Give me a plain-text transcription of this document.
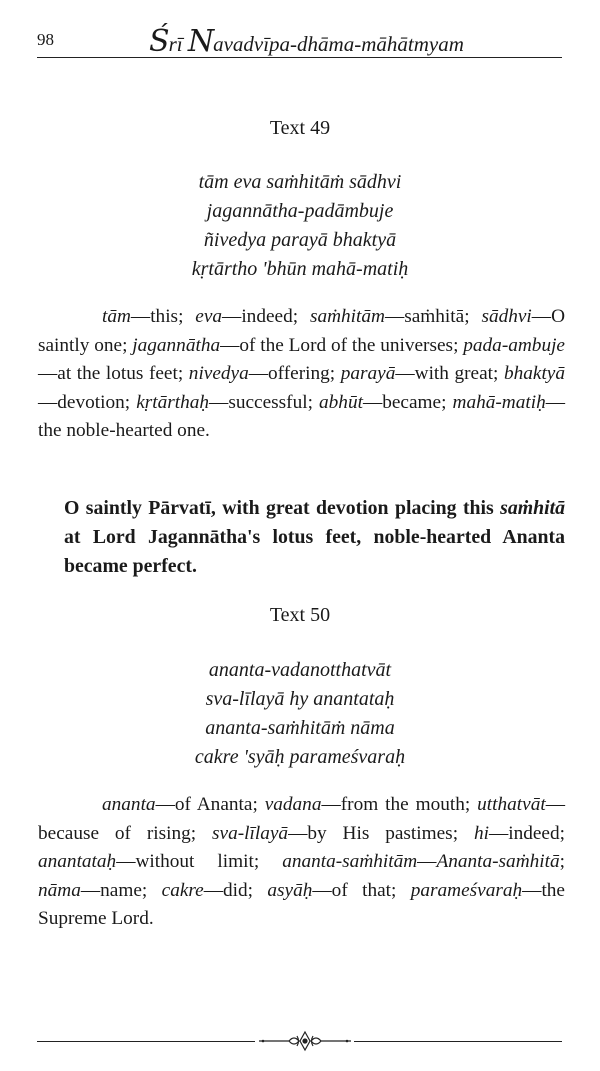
98	Śrī Navadvīpa-dhāma-māhātmyam
Text 49
tām eva saṁhitāṁ sādhvi
jagannātha-padāmbuje
ñivedya parayā bhaktyā
kṛtārtho 'bhūn mahā-matiḥ
tām—this; eva—indeed; saṁhitām—saṁhitā; sādhvi—O saintly one; jagannātha—of the Lord of the universes; pada-ambuje—at the lotus feet; nivedya—offering; parayā—with great; bhaktyā—devotion; kṛtārthaḥ—successful; abhūt—became; mahā-matiḥ—the noble-hearted one.
O saintly Pārvatī, with great devotion placing this saṁhitā at Lord Jagannātha's lotus feet, noble-hearted Ananta became perfect.
Text 50
ananta-vadanotthatvāt
sva-līlayā hy anantataḥ
ananta-saṁhitāṁ nāma
cakre 'syāḥ parameśvaraḥ
ananta—of Ananta; vadana—from the mouth; utthatvāt—because of rising; sva-līlayā—by His pastimes; hi—indeed; anantataḥ—without limit; ananta-saṁhitām—Ananta-saṁhitā; nāma—name; cakre—did; asyāḥ—of that; parameśvaraḥ—the Supreme Lord.
